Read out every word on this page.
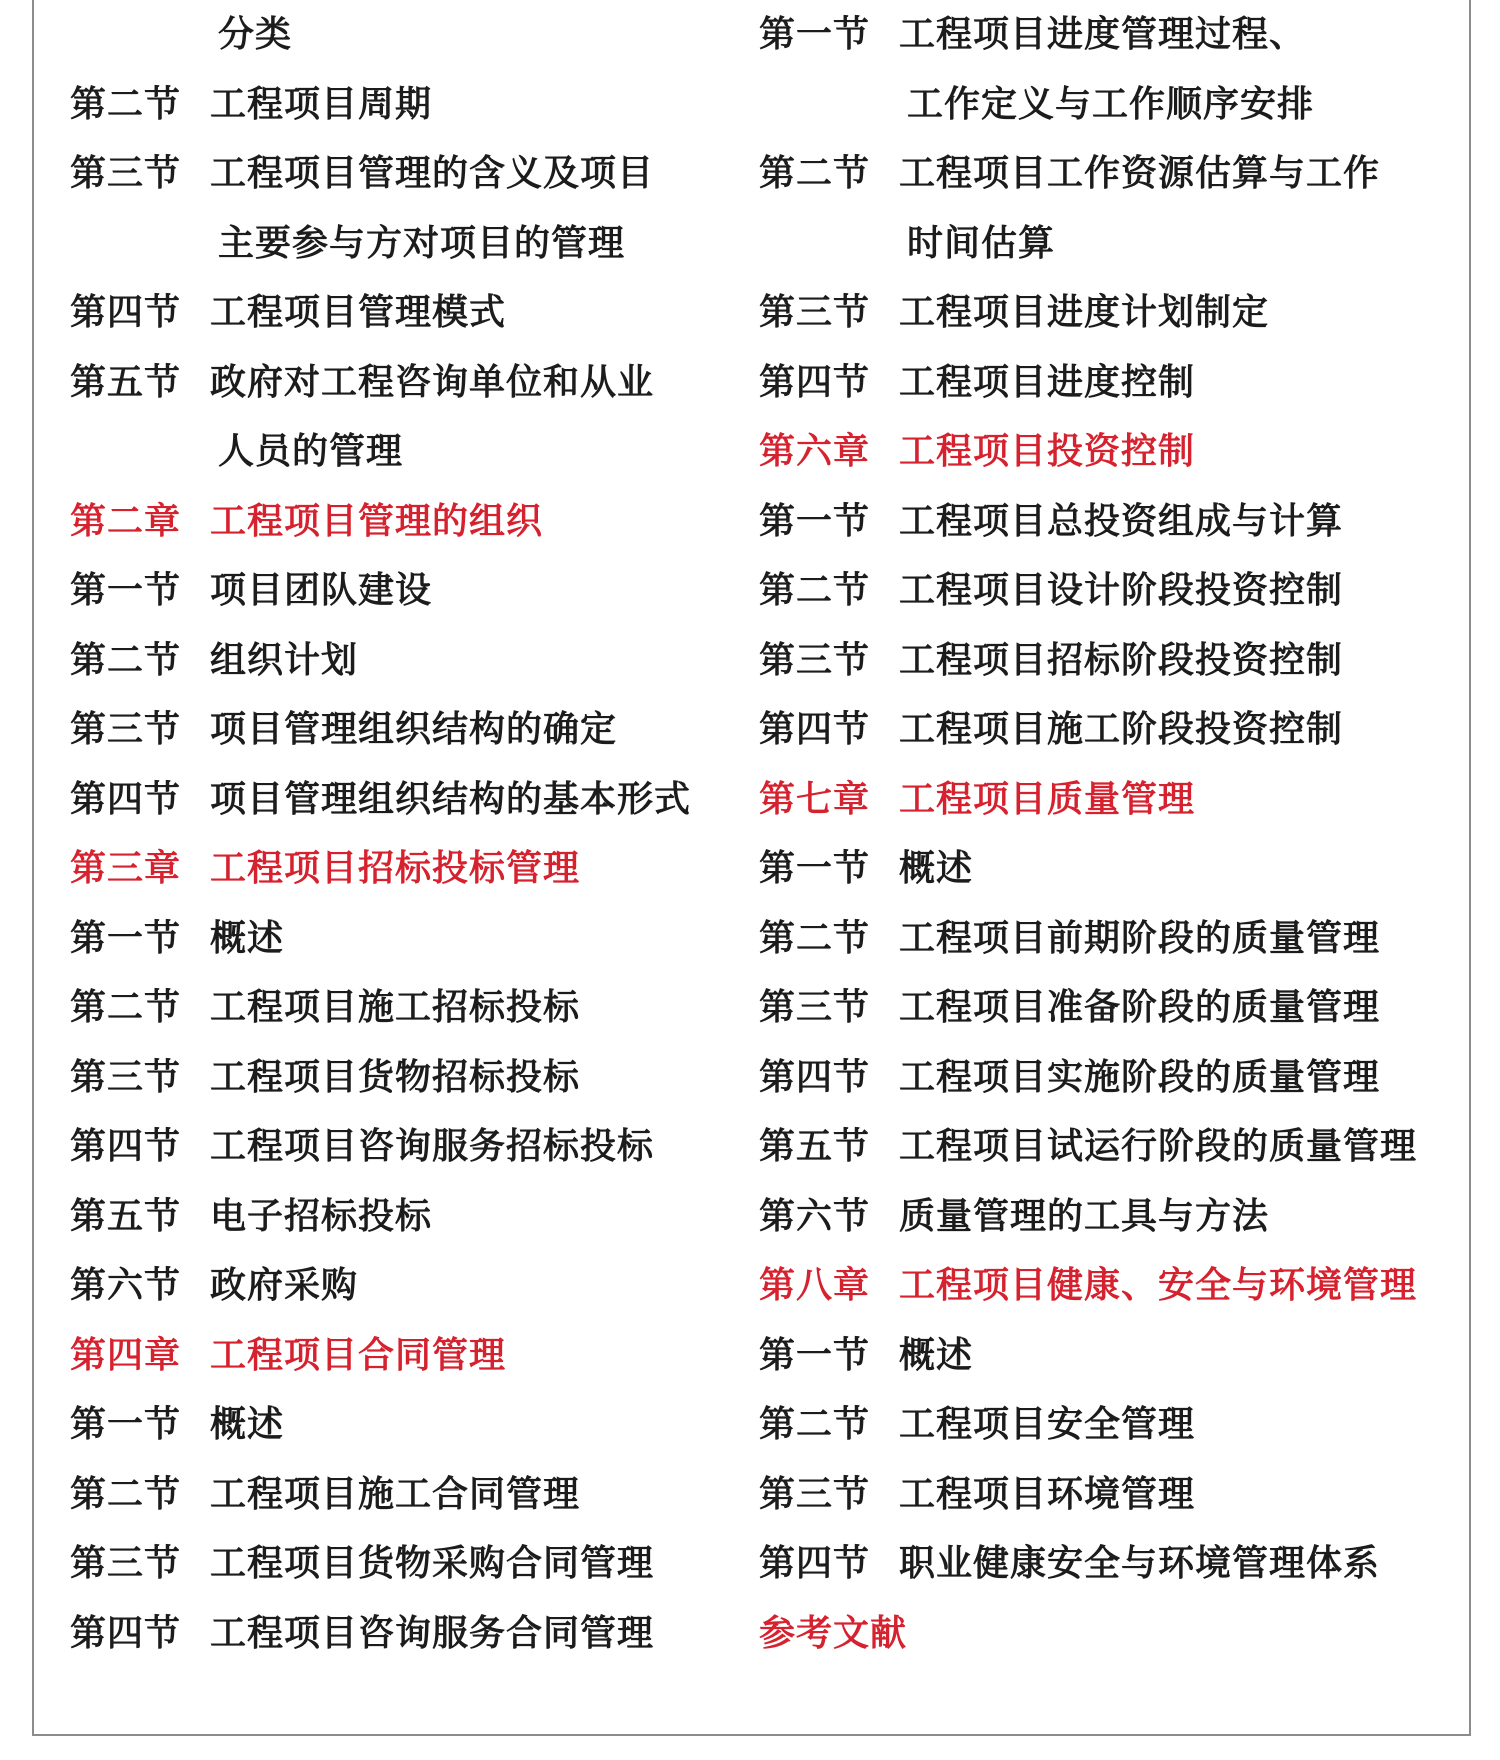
分类
第二节 工程项目周期
第三节 工程项目管理的含义及项目
主要参与方对项目的管理
第四节 工程项目管理模式
第五节 政府对工程咨询单位和从业
人员的管理
第二章 工程项目管理的组织
第一节 项目团队建设
第二节 组织计划
第三节 项目管理组织结构的确定
第四节 项目管理组织结构的基本形式
第三章 工程项目招标投标管理
第一节 概述
第二节 工程项目施工招标投标
第三节 工程项目货物招标投标
第四节 工程项目咨询服务招标投标
第五节 电子招标投标
第六节 政府采购
第四章 工程项目合同管理
第一节 概述
第二节 工程项目施工合同管理
第三节 工程项目货物采购合同管理
第四节 工程项目咨询服务合同管理
第一节 工程项目进度管理过程、
工作定义与工作顺序安排
第二节 工程项目工作资源估算与工作
时间估算
第三节 工程项目进度计划制定
第四节 工程项目进度控制
第六章 工程项目投资控制
第一节 工程项目总投资组成与计算
第二节 工程项目设计阶段投资控制
第三节 工程项目招标阶段投资控制
第四节 工程项目施工阶段投资控制
第七章 工程项目质量管理
第一节 概述
第二节 工程项目前期阶段的质量管理
第三节 工程项目准备阶段的质量管理
第四节 工程项目实施阶段的质量管理
第五节 工程项目试运行阶段的质量管理
第六节 质量管理的工具与方法
第八章 工程项目健康、安全与环境管理
第一节 概述
第二节 工程项目安全管理
第三节 工程项目环境管理
第四节 职业健康安全与环境管理体系
参考文献
